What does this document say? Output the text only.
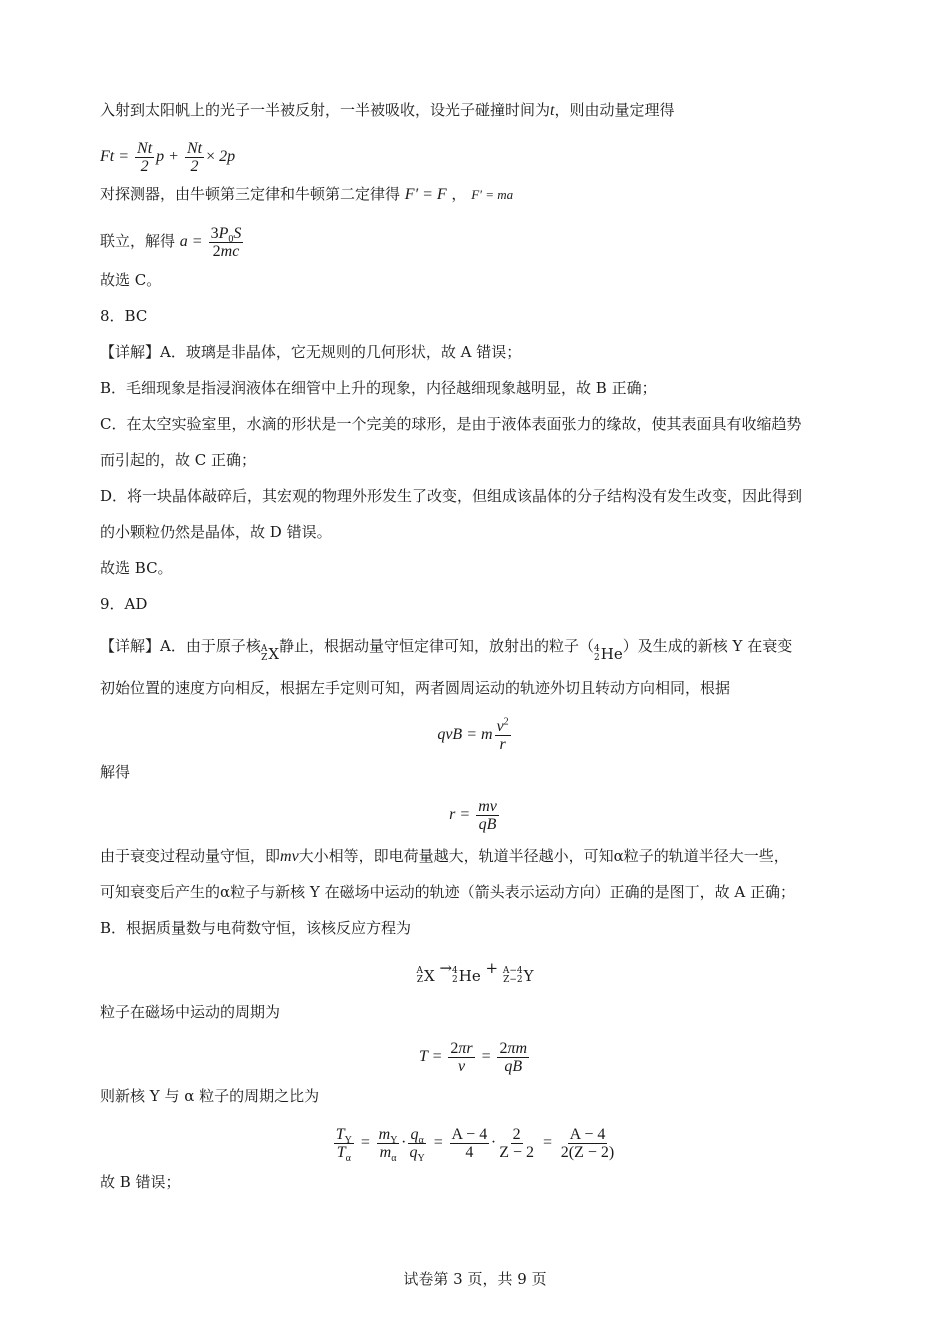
入射到太阳帆上的光子一半被反射，一半被吸收，设光子碰撞时间为t，则由动量定理得
$Ft = \frac{Nt}{2}$ $p + \frac{Nt}{2} \times 2p$
对探测器，由牛顿第三定律和牛顿第二定律得 F′ = F ， F′ = ma
联立，解得 $a = \frac{3P_0S}{2mc}$
故选 C。
8．BC
【详解】A．玻璃是非晶体，它无规则的几何形状，故 A 错误；
B．毛细现象是指浸润液体在细管中上升的现象，内径越细现象越明显，故 B 正确；
C．在太空实验室里，水滴的形状是一个完美的球形，是由于液体表面张力的缘故，使其表面具有收缩趋势
而引起的，故 C 正确；
D．将一块晶体敲碎后，其宏观的物理外形发生了改变，但组成该晶体的分子结构没有发生改变，因此得到
的小颗粒仍然是晶体，故 D 错误。
故选 BC。
9．AD
【详解】A．由于原子核 A
Z X静止，根据动量守恒定律可知，放射出的粒子（ 4
2 He）及生成的新核 Y 在衰变
初始位置的速度方向相反，根据左手定则可知，两者圆周运动的轨迹外切且转动方向相同，根据
qvB = m $\frac{v^2}{r}$
解得
$r = \frac{mv}{qB}$
由于衰变过程动量守恒，即mv大小相等，即电荷量越大，轨道半径越小，可知α粒子的轨道半径大一些，
可知衰变后产生的α粒子与新核 Y 在磁场中运动的轨迹（箭头表示运动方向）正确的是图丁，故 A 正确；
B．根据质量数与电荷数守恒，该核反应方程为
A
Z X → 4
2 He + A−4
Z−2 Y
粒子在磁场中运动的周期为
$T = \frac{2\pi r}{v} = \frac{2\pi m}{qB}$
则新核 Y 与 α 粒子的周期之比为
$\frac{T_Y}{T_\alpha} = \frac{m_Y}{m_\alpha} \cdot \frac{q_\alpha}{q_Y} = \frac{A - 4}{4} \cdot \frac{2}{Z - 2} = \frac{A - 4}{2(Z - 2)}$
故 B 错误；
试卷第 3 页，共 9 页
